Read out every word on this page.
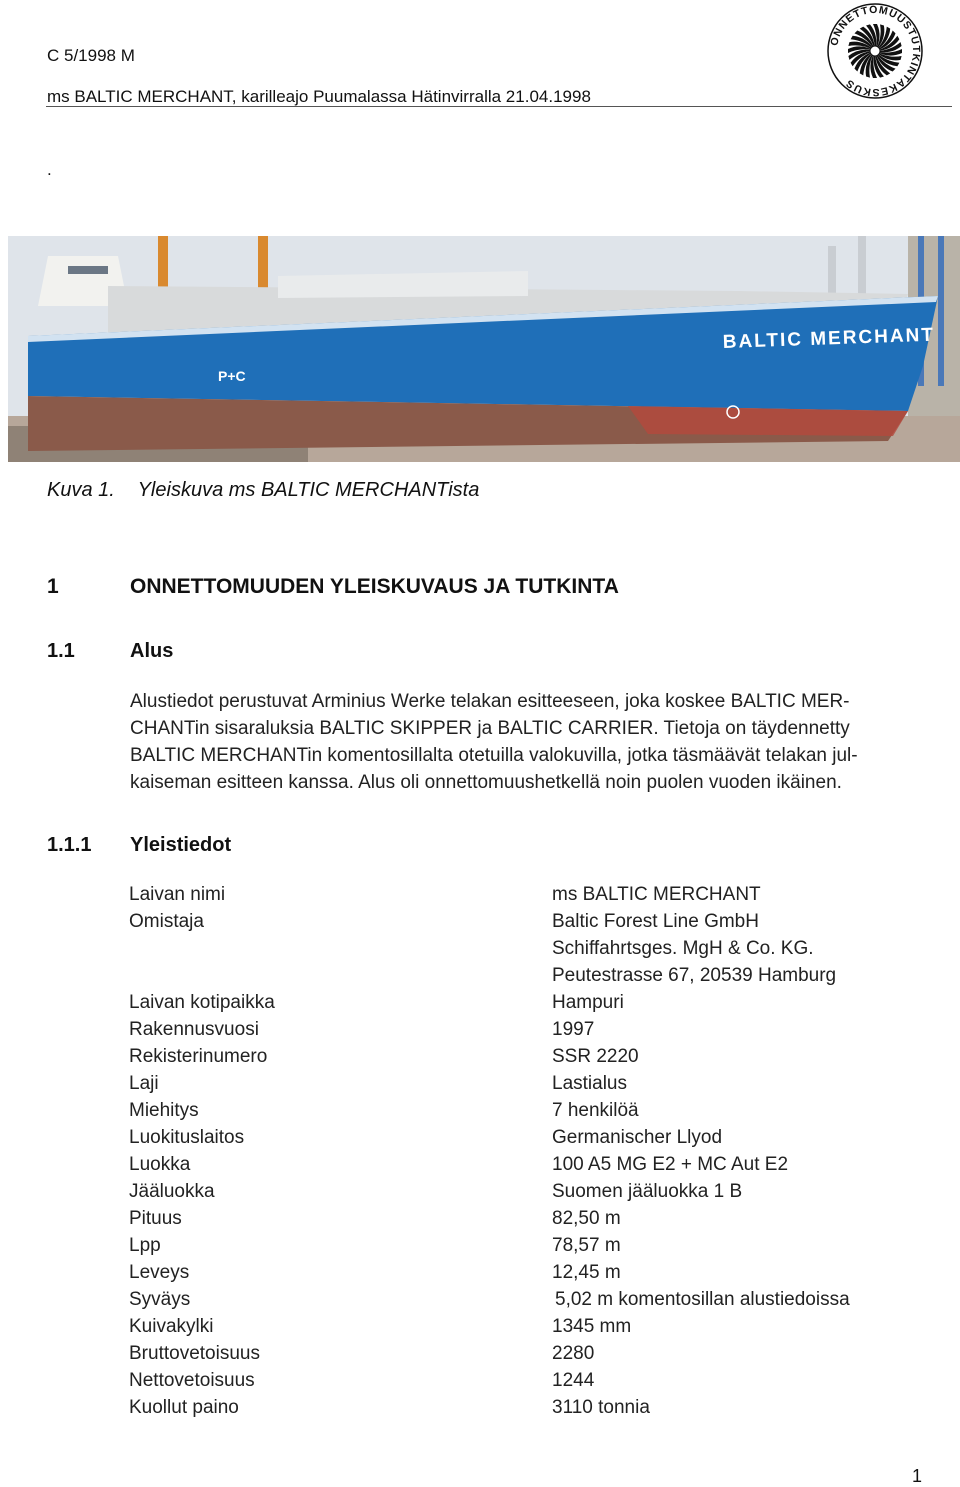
C 5/1998 M
ms BALTIC MERCHANT, karilleajo Puumalassa Hätinvirralla 21.04.1998
.
ONNETTOMUUSTUTKINTAKESKUS
BALTIC MERCHANT
P+C
Kuva 1. Yleiskuva ms BALTIC MERCHANTista
1	ONNETTOMUUDEN YLEISKUVAUS JA TUTKINTA
1.1	Alus

Alustiedot perustuvat Arminius Werke telakan esitteeseen, joka koskee BALTIC MER-

CHANTin sisaraluksia BALTIC SKIPPER ja BALTIC CARRIER. Tietoja on täydennetty

BALTIC MERCHANTin komentosillalta otetuilla valokuvilla, jotka täsmäävät telakan jul-

kaiseman esitteen kanssa. Alus oli onnettomuushetkellä noin puolen vuoden ikäinen.

1.1.1 Yleistiedot
Laivan nimi	ms BALTIC MERCHANT
Omistaja	Baltic Forest Line GmbH
Schiffahrtsges. MgH & Co. KG.
Peutestrasse 67, 20539 Hamburg
Laivan kotipaikka	Hampuri
Rakennusvuosi	1997
Rekisterinumero	SSR 2220
Laji	Lastialus
Miehitys	7 henkilöä
Luokituslaitos	Germanischer Llyod
Luokka	100 A5 MG E2 + MC Aut E2
Jääluokka	Suomen jääluokka 1 B
Pituus	82,50 m
Lpp	78,57 m
Leveys	12,45 m
Syväys	5,02 m komentosillan alustiedoissa
Kuivakylki	1345 mm
Bruttovetoisuus	2280
Nettovetoisuus	1244
Kuollut paino	3110 tonnia
1
